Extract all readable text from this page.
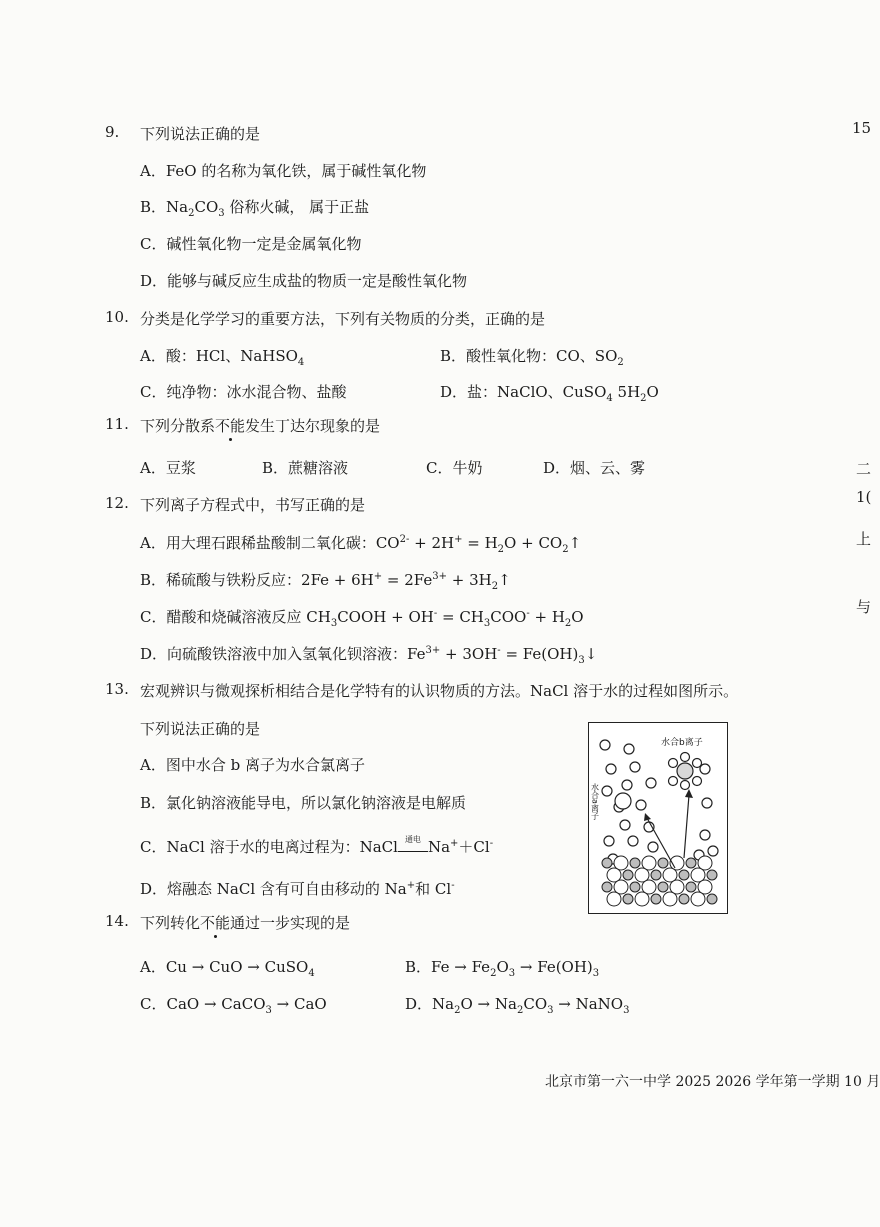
15
二
1(
上
与
9. 下列说法正确的是
A．FeO 的名称为氧化铁，属于碱性氧化物
B．$Na_2CO_3$ 俗称火碱， 属于正盐
C．碱性氧化物一定是金属氧化物
D．能够与碱反应生成盐的物质一定是酸性氧化物
10. 分类是化学学习的重要方法，下列有关物质的分类，正确的是
A．酸：HCl、NaHSO$_4$	B．酸性氧化物：CO、$SO_2$
C．纯净物：冰水混合物、盐酸	D．盐：NaClO、CuSO$_4$ $5H_2O$
11. 下列分散系不能发生丁达尔现象的是
A．豆浆	B．蔗糖溶液	C．牛奶	D．烟、云、雾
12. 下列离子方程式中，书写正确的是
A．用大理石跟稀盐酸制二氧化碳：$CO^{2-} + 2H^+ = H_2O$ + $CO_2↑$
B．稀硫酸与铁粉反应：$2Fe + 6H^+ = 2Fe^{3+}$ + $3H_2↑$
C．醋酸和烧碱溶液反应 $CH_3COOH + OH^- = CH_3COO^- + H_2O$
D．向硫酸铁溶液中加入氢氧化钡溶液：$Fe^{3+} + 3OH^-$ = $Fe(OH)_3↓$
13. 宏观辨识与微观探析相结合是化学特有的认识物质的方法。NaCl 溶于水的过程如图所示。
下列说法正确的是
A．图中水合 b 离子为水合氯离子
B．氯化钠溶液能导电，所以氯化钠溶液是电解质
C．NaCl 溶于水的电离过程为：NaCl 通电 Na+＋Cl-
D．熔融态 NaCl 含有可自由移动的 Na+和 Cl-
水合b离子
水合a离子
14. 下列转化不能通过一步实现的是
A．Cu → CuO → CuSO$_4$	B．$Fe \to Fe_2O_3 \to Fe(OH)_3$
C．CaO → CaCO$_3$ → CaO	D．$Na_2O \to Na_2CO_3$ → NaNO$_3$
北京市第一六一中学 2025 2026 学年第一学期 10 月
